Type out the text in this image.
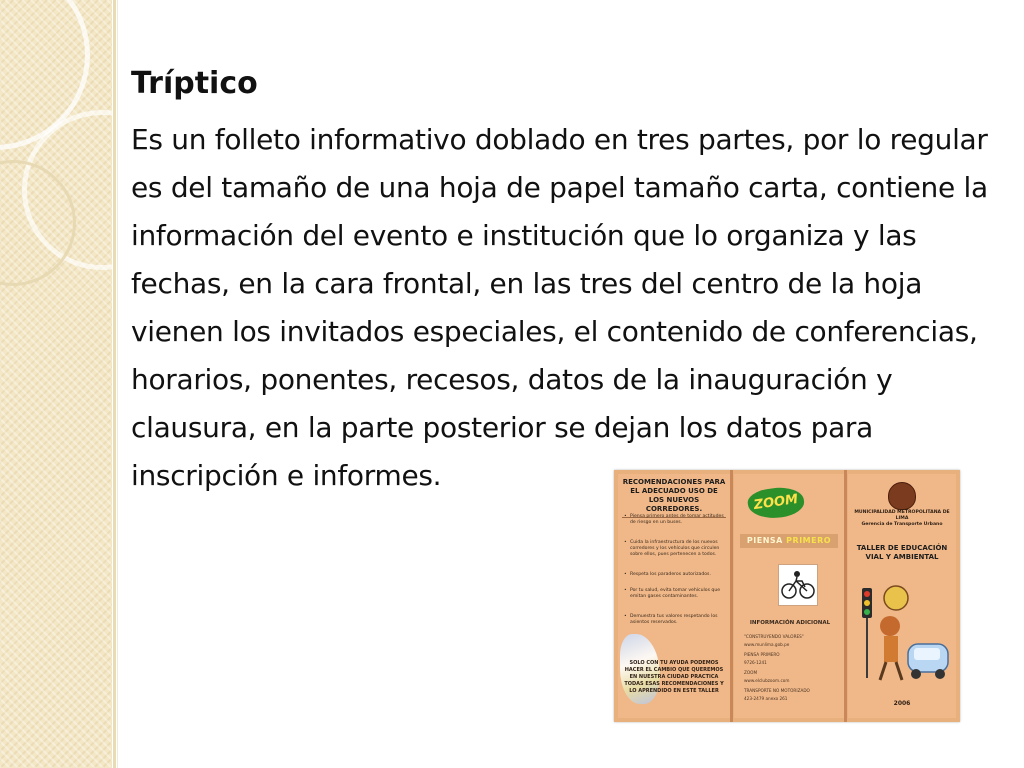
Tríptico

Es un folleto informativo doblado en tres partes, por lo regular es del tamaño de una hoja de papel tamaño carta, contiene la información del evento e institución que lo organiza y las fechas, en la cara frontal, en las tres del centro de la hoja vienen los invitados especiales, el contenido de conferencias, horarios, ponentes, recesos, datos de la inauguración y clausura, en la parte posterior se dejan los datos para inscripción e informes.	RECOMENDACIONES PARA EL ADECUADO USO DE LOS NUEVOS CORREDORES.
• Piensa primero antes de tomar actitudes de riesgo en un buses.
• Cuida la infraestructura de los nuevos corredores y los vehículos que circulen sobre ellos, pues pertenecen a todos.
• Respeta los paraderos autorizados.
• Por tu salud, evita tomar vehículos que emitan gases contaminantes.
• Demuestra tus valores respetando los asientos reservados.
SOLO CON TU AYUDA PODEMOS HACER EL CAMBIO QUE QUEREMOS EN NUESTRA CIUDAD PRACTICA TODAS ESAS RECOMENDACIONES Y LO APRENDIDO EN ESTE TALLER
ZOOM
PIENSA PRIMERO
INFORMACIÓN ADICIONAL
"CONSTRUYENDO VALORES"
www.munlima.gob.pe
PIENSA PRIMERO
9726-1241
ZOOM
www.elclubzoom.com
TRANSPORTE NO MOTORIZADO
423-2479 anexo 261
MUNICIPALIDAD METROPOLITANA DE LIMA
Gerencia de Transporte Urbano
TALLER DE EDUCACIÓN VIAL Y AMBIENTAL
2006
